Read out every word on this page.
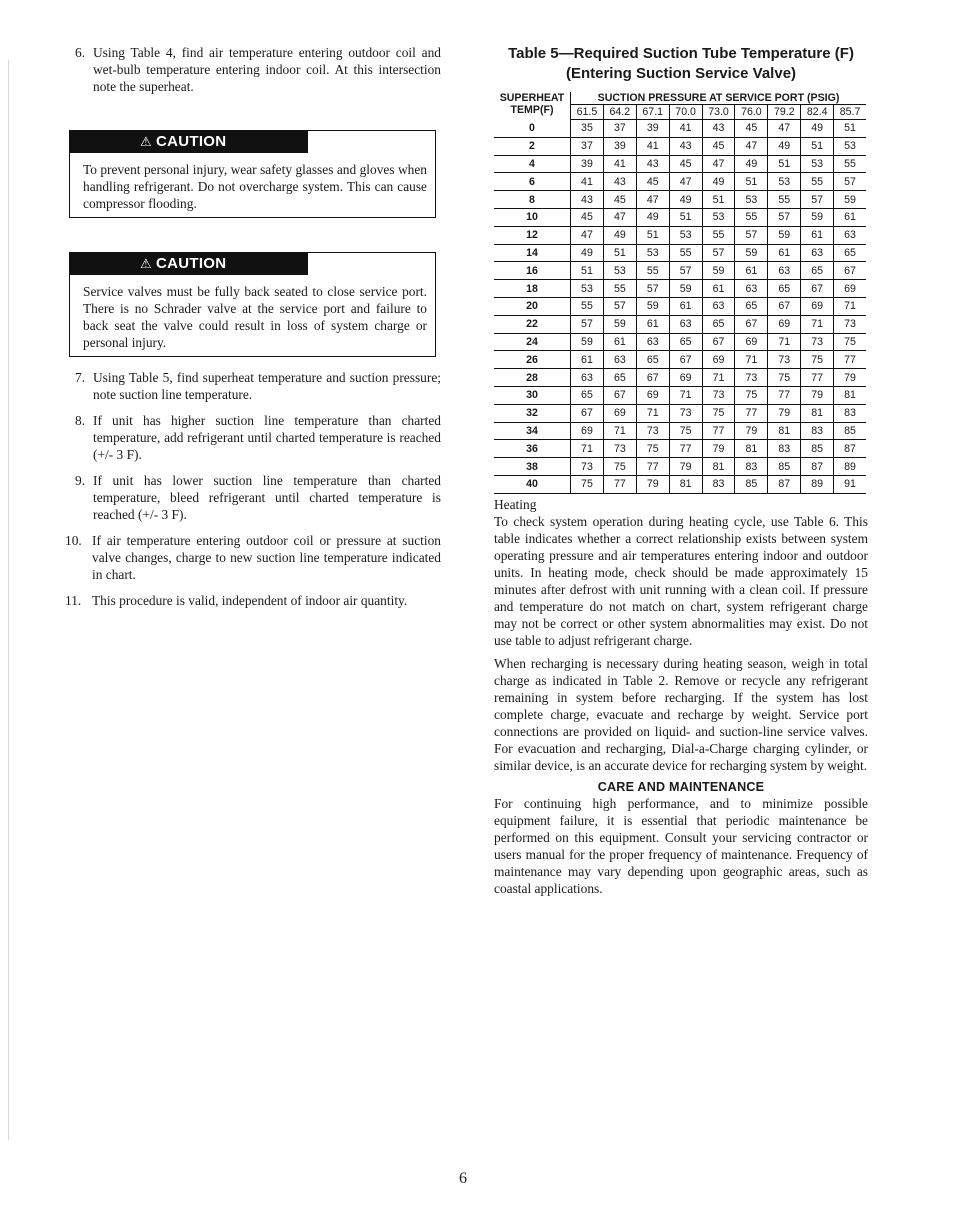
6. Using Table 4, find air temperature entering outdoor coil and wet-bulb temperature entering indoor coil. At this intersection note the superheat.
⚠ CAUTION
To prevent personal injury, wear safety glasses and gloves when handling refrigerant. Do not overcharge system. This can cause compressor flooding.
⚠ CAUTION
Service valves must be fully back seated to close service port. There is no Schrader valve at the service port and failure to back seat the valve could result in loss of system charge or personal injury.
7. Using Table 5, find superheat temperature and suction pressure; note suction line temperature.
8. If unit has higher suction line temperature than charted temperature, add refrigerant until charted temperature is reached (+/- 3 F).
9. If unit has lower suction line temperature than charted temperature, bleed refrigerant until charted temperature is reached (+/- 3 F).
10. If air temperature entering outdoor coil or pressure at suction valve changes, charge to new suction line temperature indicated in chart.
11. This procedure is valid, independent of indoor air quantity.
Table 5—Required Suction Tube Temperature (F)
(Entering Suction Service Valve)
SUPERHEAT
TEMP(F)	SUCTION PRESSURE AT SERVICE PORT (PSIG)								
	61.5	64.2	67.1	70.0	73.0	76.0	79.2	82.4	85.7
0	35	37	39	41	43	45	47	49	51
2	37	39	41	43	45	47	49	51	53
4	39	41	43	45	47	49	51	53	55
6	41	43	45	47	49	51	53	55	57
8	43	45	47	49	51	53	55	57	59
10	45	47	49	51	53	55	57	59	61
12	47	49	51	53	55	57	59	61	63
14	49	51	53	55	57	59	61	63	65
16	51	53	55	57	59	61	63	65	67
18	53	55	57	59	61	63	65	67	69
20	55	57	59	61	63	65	67	69	71
22	57	59	61	63	65	67	69	71	73
24	59	61	63	65	67	69	71	73	75
26	61	63	65	67	69	71	73	75	77
28	63	65	67	69	71	73	75	77	79
30	65	67	69	71	73	75	77	79	81
32	67	69	71	73	75	77	79	81	83
34	69	71	73	75	77	79	81	83	85
36	71	73	75	77	79	81	83	85	87
38	73	75	77	79	81	83	85	87	89
40	75	77	79	81	83	85	87	89	91
Heating

To check system operation during heating cycle, use Table 6. This table indicates whether a correct relationship exists between system operating pressure and air temperatures entering indoor and outdoor units. In heating mode, check should be made approximately 15 minutes after defrost with unit running with a clean coil. If pressure and temperature do not match on chart, system refrigerant charge may not be correct or other system abnormalities may exist. Do not use table to adjust refrigerant charge.

When recharging is necessary during heating season, weigh in total charge as indicated in Table 2. Remove or recycle any refrigerant remaining in system before recharging. If the system has lost complete charge, evacuate and recharge by weight. Service port connections are provided on liquid- and suction-line service valves. For evacuation and recharging, Dial-a-Charge charging cylinder, or similar device, is an accurate device for recharging system by weight.

CARE AND MAINTENANCE

For continuing high performance, and to minimize possible equipment failure, it is essential that periodic maintenance be performed on this equipment. Consult your servicing contractor or users manual for the proper frequency of maintenance. Frequency of maintenance may vary depending upon geographic areas, such as coastal applications.

6
